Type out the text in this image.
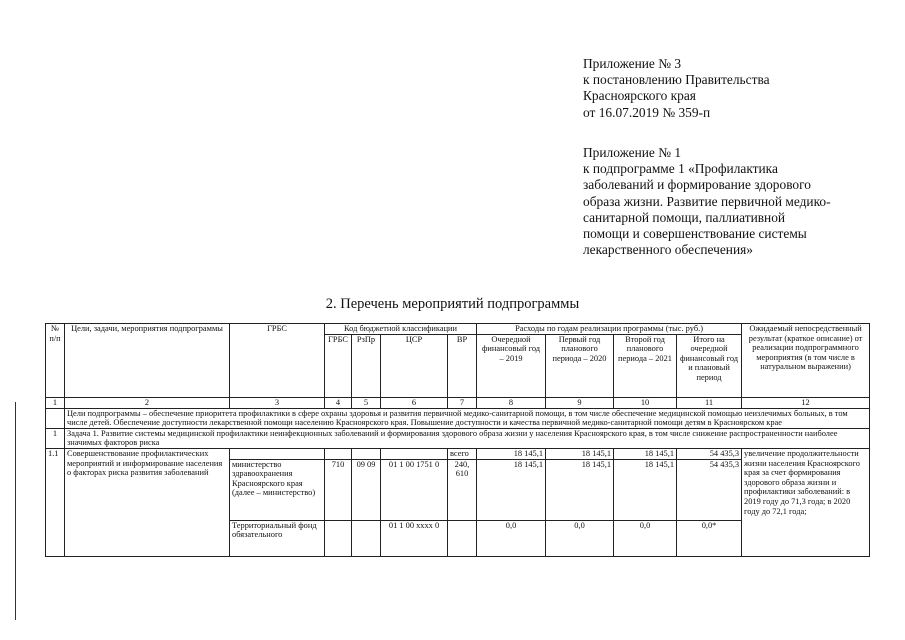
Приложение № 3
к постановлению Правительства
Красноярского края
от 16.07.2019 № 359-п
Приложение № 1
к подпрограмме 1 «Профилактика
заболеваний и формирование здорового
образа жизни. Развитие первичной медико-
санитарной помощи, паллиативной
помощи и совершенствование системы
лекарственного обеспечения»
2. Перечень мероприятий подпрограммы
№ п/п	Цели, задачи, мероприятия подпрограммы	ГРБС	Код бюджетной классификации				Расходы по годам реализации программы (тыс. руб.)				Ожидаемый непосредственный результат (краткое описание) от реализации подпрограммного мероприятия (в том числе в натуральном выражении)
			ГРБС	РзПр	ЦСР	ВР	Очередной финансовый год – 2019	Первый год планового периода – 2020	Второй год планового периода – 2021	Итого на очередной финансовый год и плановый период	
1	2	3	4	5	6	7	8	9	10	11	12
	Цели подпрограммы – обеспечение приоритета профилактики в сфере охраны здоровья и развития первичной медико-санитарной помощи, в том числе обеспечение медицинской помощью неизлечимых больных, в том числе детей. Обеспечение доступности лекарственной помощи населению Красноярского края. Повышение доступности и качества первичной медико-санитарной помощи детям в Красноярском крае										
1	Задача 1. Развитие системы медицинской профилактики неинфекционных заболеваний и формирования здорового образа жизни у населения Красноярского края, в том числе снижение распространенности наиболее значимых факторов риска										
1.1	Совершенствование профилактических мероприятий и информирование населения о факторах риска развития заболеваний					всего	18 145,1	18 145,1	18 145,1	54 435,3	увеличение продолжительности жизни населения Красноярского края за счет формирования здорового образа жизни и профилактики заболеваний: в 2019 году до 71,3 года; в 2020 году до 72,1 года;
		министерство здравоохранения Красноярского края (далее – министерство)	710	09 09	01 1 00 1751 0	240, 610	18 145,1	18 145,1	18 145,1	54 435,3	
		Территориальный фонд обязательного			01 1 00 xxxx 0		0,0	0,0	0,0	0,0*	
